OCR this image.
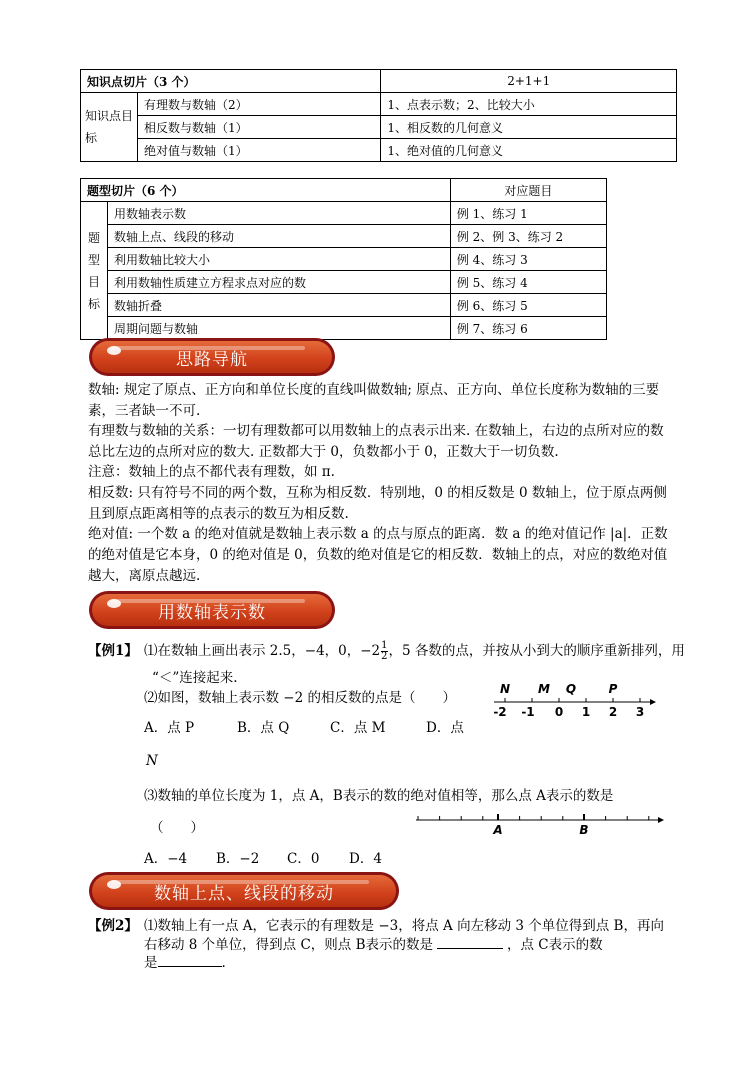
知识点切片（3 个）		2+1+1
知识点目标	有理数与数轴（2）	1、点表示数；2、比较大小
	相反数与数轴（1）	1、相反数的几何意义
	绝对值与数轴（1）	1、绝对值的几何意义
题型切片（6 个）		对应题目

题
型
目
标	用数轴表示数	例 1、练习 1
	数轴上点、线段的移动	例 2、例 3、练习 2
	利用数轴比较大小	例 4、练习 3
	利用数轴性质建立方程求点对应的数	例 5、练习 4
	数轴折叠	例 6、练习 5
	周期问题与数轴	例 7、练习 6
思路导航
数轴: 规定了原点、正方向和单位长度的直线叫做数轴; 原点、正方向、单位长度称为数轴的三要素，三者缺一不可.
有理数与数轴的关系：一切有理数都可以用数轴上的点表示出来. 在数轴上，右边的点所对应的数总比左边的点所对应的数大. 正数都大于 0，负数都小于 0，正数大于一切负数.
注意：数轴上的点不都代表有理数，如 π.
相反数: 只有符号不同的两个数，互称为相反数．特别地，0 的相反数是 0 数轴上，位于原点两侧且到原点距离相等的点表示的数互为相反数.
绝对值: 一个数 a 的绝对值就是数轴上表示数 a 的点与原点的距离．数 a 的绝对值记作 |a|．正数的绝对值是它本身，0 的绝对值是 0，负数的绝对值是它的相反数．数轴上的点，对应的数绝对值越大，离原点越远.
用数轴表示数
【例1】 ⑴在数轴上画出表示 2.5，−4，0，$-2 \frac{1}{2}$ ，5 各数的点，并按从小到大的顺序重新排列，用
“＜”连接起来.
⑵如图，数轴上表示数 −2 的相反数的点是（　　）
-2 -1 0 1 2 3
N M Q	P
A．点 P	B．点 Q	C．点 M	D．点
N
⑶数轴的单位长度为 1，点 A，B表示的数的绝对值相等，那么点 A表示的数是
（　　）	A	B
A．−4 B．−2 C．0 D．4
数轴上点、线段的移动
【例2】 ⑴数轴上有一点 A，它表示的有理数是 −3，将点 A 向左移动 3 个单位得到点 B，再向
右移动 8 个单位，得到点 C，则点 B表示的数是	，点 C表示的数
是	.
